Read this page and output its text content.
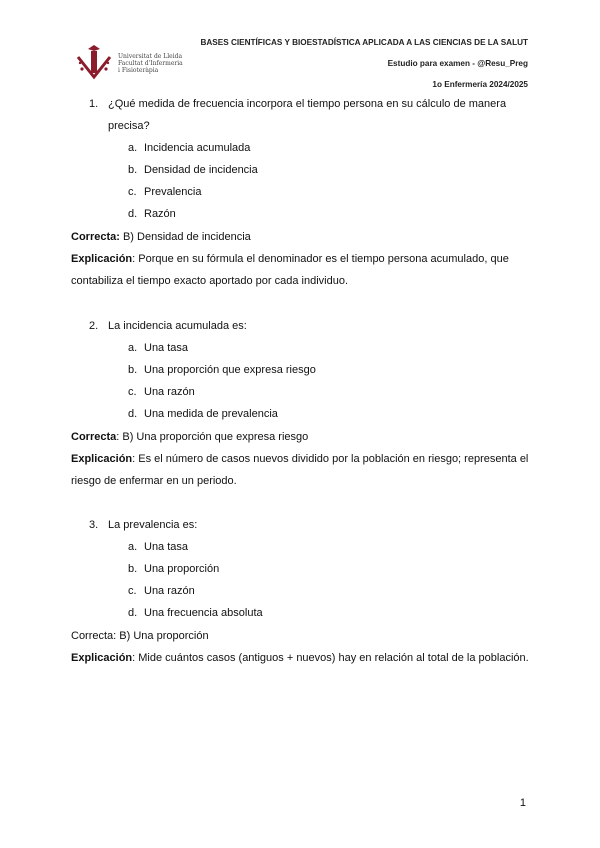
Universitat de Lleida
Facultat d'Infermeria
i Fisioteràpia
BASES CIENTÍFICAS Y BIOESTADÍSTICA APLICADA A LAS CIENCIAS DE LA SALUT
Estudio para examen - @Resu_Preg
1o Enfermería 2024/2025
1. ¿Qué medida de frecuencia incorpora el tiempo persona en su cálculo de manera
precisa?
a. Incidencia acumulada
b. Densidad de incidencia
c. Prevalencia
d. Razón
Correcta: B) Densidad de incidencia
Explicación: Porque en su fórmula el denominador es el tiempo persona acumulado, que
contabiliza el tiempo exacto aportado por cada individuo.
2. La incidencia acumulada es:
a. Una tasa
b. Una proporción que expresa riesgo
c. Una razón
d. Una medida de prevalencia
Correcta: B) Una proporción que expresa riesgo
Explicación: Es el número de casos nuevos dividido por la población en riesgo; representa el
riesgo de enfermar en un periodo.
3. La prevalencia es:
a. Una tasa
b. Una proporción
c. Una razón
d. Una frecuencia absoluta
Correcta: B) Una proporción
Explicación: Mide cuántos casos (antiguos + nuevos) hay en relación al total de la población.
1
